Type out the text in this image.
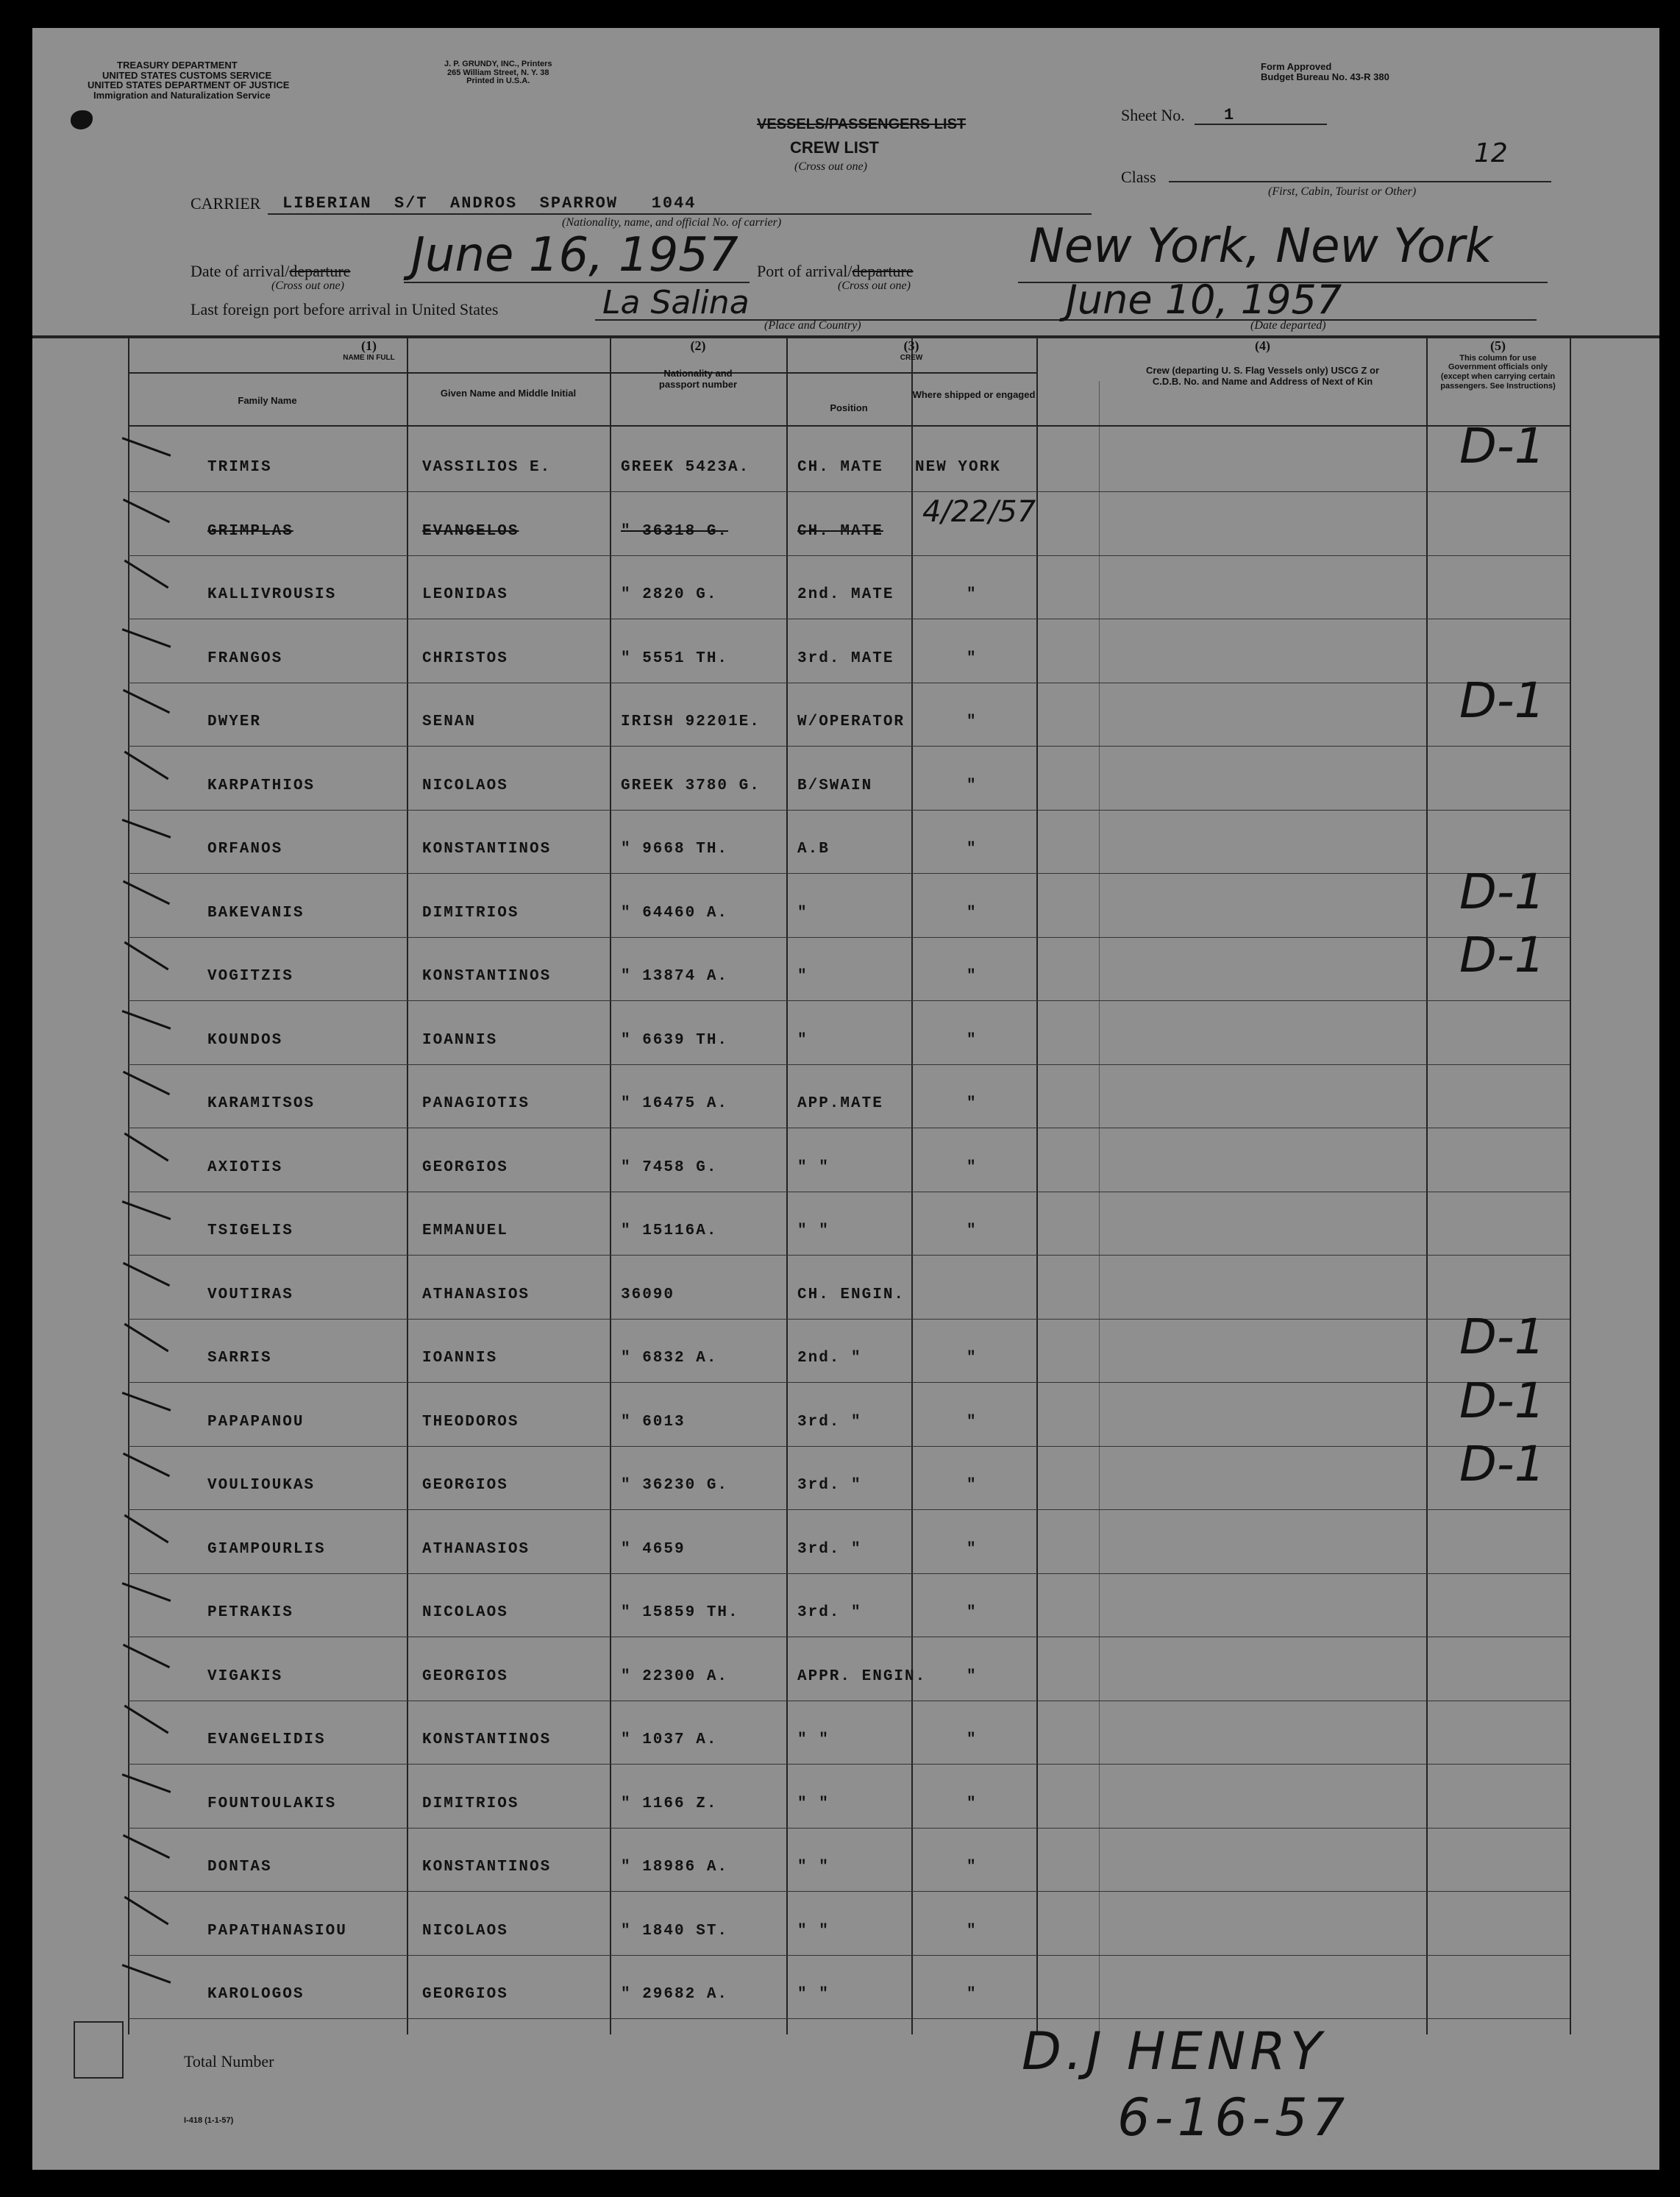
TREASURY DEPARTMENT
UNITED STATES CUSTOMS SERVICE
UNITED STATES DEPARTMENT OF JUSTICE
Immigration and Naturalization Service
J. P. GRUNDY, INC., Printers
265 William Street, N. Y. 38
Printed in U.S.A.
Form Approved
Budget Bureau No. 43-R 380
VESSELS/PASSENGERS LIST
CREW LIST
(Cross out one)
Sheet No. 1
12
Class
(First, Cabin, Tourist or Other)
CARRIER LIBERIAN  S/T  ANDROS  SPARROW   1044
(Nationality, name, and official No. of carrier)
Date of arrival/departure
(Cross out one)
June 16, 1957 Port of arrival/departure
(Cross out one)
New York, New York
Last foreign port before arrival in United States	La Salina
(Place and Country)
June 10, 1957
(Date departed)
(1)
NAME IN FULL
Family Name
Given Name and Middle Initial
(2)
Nationality and passport number
(3)
CREW
Position
Where shipped or engaged
(4)
Crew (departing U. S. Flag Vessels only) USCG Z or C.D.B. No. and Name and Address of Next of Kin
(5)
This column for use Government officials only (except when carrying certain passengers. See Instructions)
TRIMIS	VASSILIOS E.	GREEK 5423A.	CH. MATE NEW YORK	D-1
GRIMPLAS	EVANGELOS	" 36318 G.	CH. MATE
4/22/57
KALLIVROUSIS	LEONIDAS	" 2820 G.	2nd. MATE	"
FRANGOS	CHRISTOS	" 5551 TH.	3rd. MATE	"
DWYER	SENAN	IRISH 92201E. W/OPERATOR	"	D-1
KARPATHIOS	NICOLAOS	GREEK 3780 G. B/SWAIN	"
ORFANOS	KONSTANTINOS	" 9668 TH.	A.B	"
BAKEVANIS	DIMITRIOS	" 64460 A.	"	"	D-1
VOGITZIS	KONSTANTINOS	" 13874 A.	"	"	D-1
KOUNDOS	IOANNIS	" 6639 TH.	"	"
KARAMITSOS	PANAGIOTIS	" 16475 A.	APP.MATE	"
AXIOTIS	GEORGIOS	" 7458 G.	" "	"
TSIGELIS	EMMANUEL	" 15116A.	" "	"
VOUTIRAS	ATHANASIOS	36090	CH. ENGIN.
SARRIS	IOANNIS	" 6832 A.	2nd. "	"	D-1
PAPAPANOU	THEODOROS	" 6013	3rd. "	"	D-1
VOULIOUKAS	GEORGIOS	" 36230 G.	3rd. "	"	D-1
GIAMPOURLIS	ATHANASIOS	" 4659	3rd. "	"
PETRAKIS	NICOLAOS	" 15859 TH.	3rd. "	"
VIGAKIS	GEORGIOS	" 22300 A.	APPR. ENGIN.	"
EVANGELIDIS	KONSTANTINOS	" 1037 A.	" "	"
FOUNTOULAKIS	DIMITRIOS	" 1166 Z.	" "	"
DONTAS	KONSTANTINOS	" 18986 A.	" "	"
PAPATHANASIOU	NICOLAOS	" 1840 ST.	" "	"
KAROLOGOS	GEORGIOS	" 29682 A.	" "	"
Total Number
I-418 (1-1-57)
D.J HENRY
6-16-57
